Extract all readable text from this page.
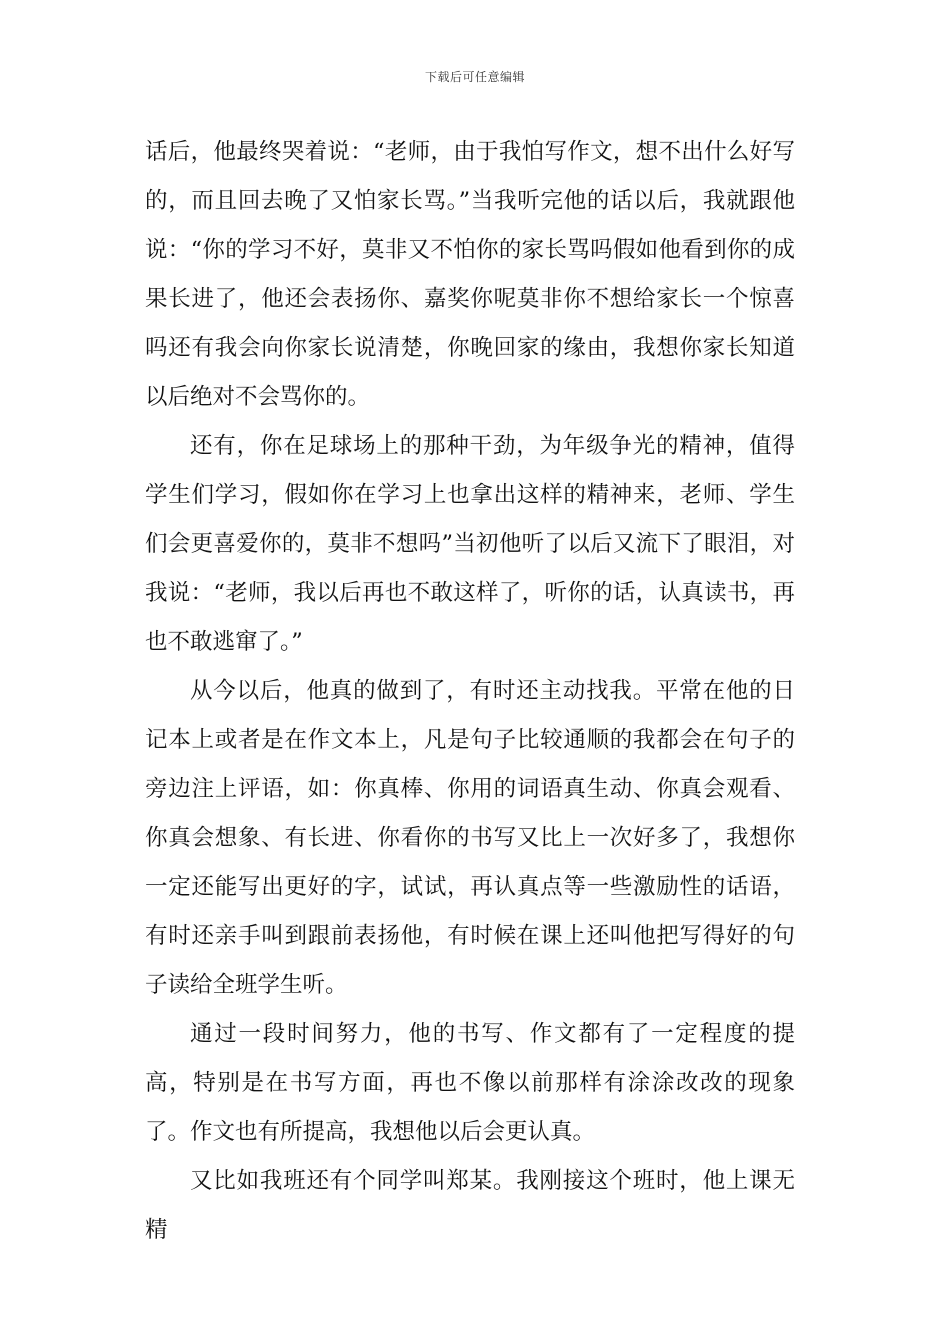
下载后可任意编辑

话后，他最终哭着说：“老师，由于我怕写作文，想不出什么好写的，而且回去晚了又怕家长骂。”当我听完他的话以后，我就跟他说：“你的学习不好，莫非又不怕你的家长骂吗假如他看到你的成果长进了，他还会表扬你、嘉奖你呢莫非你不想给家长一个惊喜吗还有我会向你家长说清楚，你晚回家的缘由，我想你家长知道以后绝对不会骂你的。

还有，你在足球场上的那种干劲，为年级争光的精神，值得学生们学习，假如你在学习上也拿出这样的精神来，老师、学生们会更喜爱你的，莫非不想吗”当初他听了以后又流下了眼泪，对我说：“老师，我以后再也不敢这样了，听你的话，认真读书，再也不敢逃窜了。”

从今以后，他真的做到了，有时还主动找我。平常在他的日记本上或者是在作文本上，凡是句子比较通顺的我都会在句子的旁边注上评语，如：你真棒、你用的词语真生动、你真会观看、你真会想象、有长进、你看你的书写又比上一次好多了，我想你一定还能写出更好的字，试试，再认真点等一些激励性的话语，有时还亲手叫到跟前表扬他，有时候在课上还叫他把写得好的句子读给全班学生听。

通过一段时间努力，他的书写、作文都有了一定程度的提高，特别是在书写方面，再也不像以前那样有涂涂改改的现象了。作文也有所提高，我想他以后会更认真。

又比如我班还有个同学叫郑某。我刚接这个班时，他上课无精
